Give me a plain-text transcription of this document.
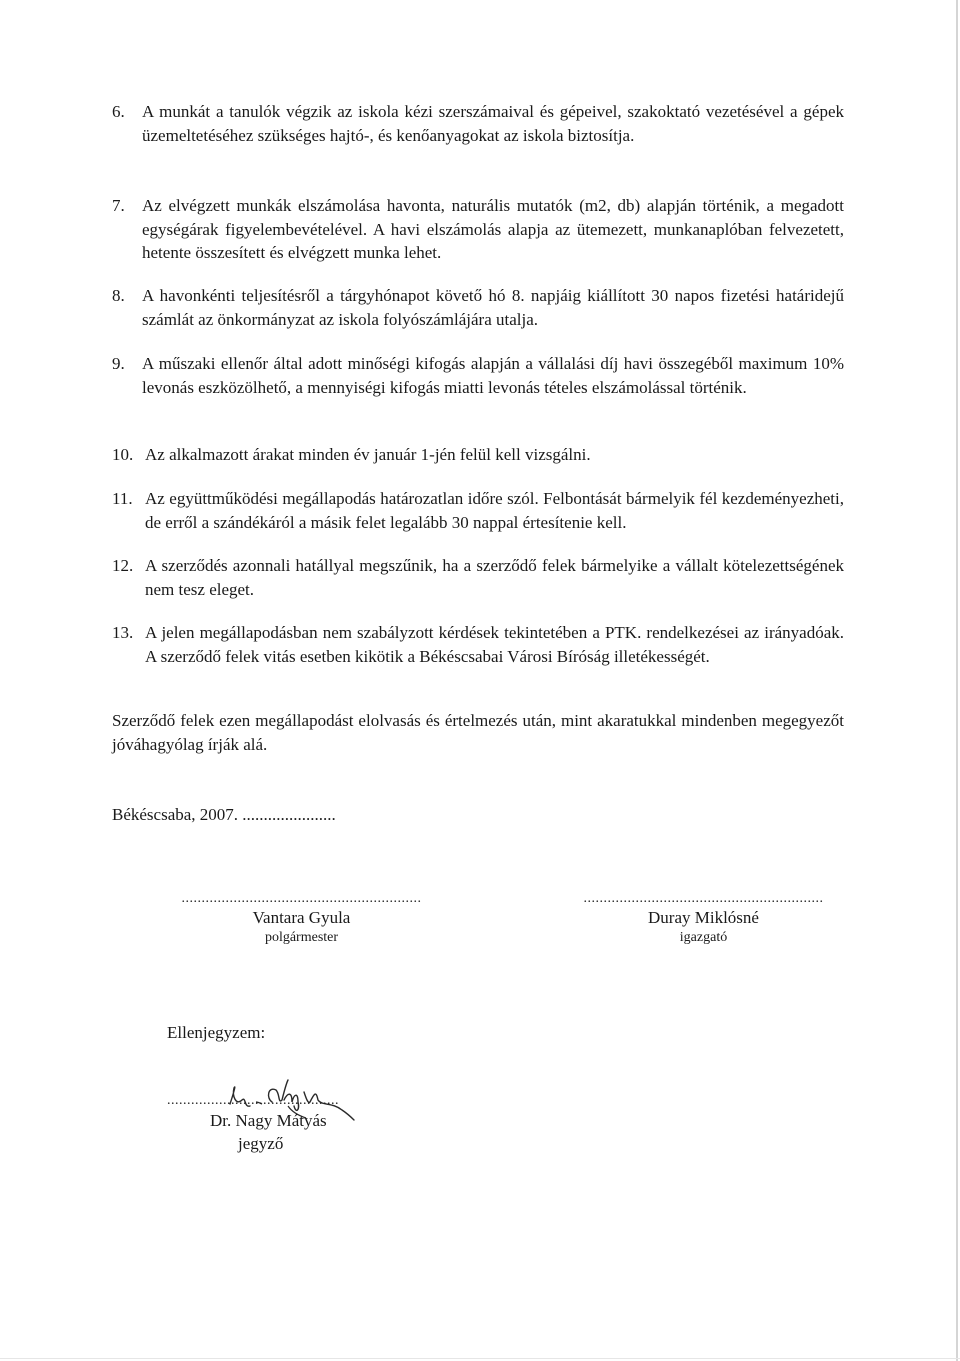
6. A munkát a tanulók végzik az iskola kézi szerszámaival és gépeivel, szakoktató vezetésével a gépek üzemeltetéséhez szükséges hajtó-, és kenőanyagokat az iskola biztosítja.
7. Az elvégzett munkák elszámolása havonta, naturális mutatók (m2, db) alapján történik, a megadott egységárak figyelembevételével. A havi elszámolás alapja az ütemezett, munkanaplóban felvezetett, hetente összesített és elvégzett munka lehet.
8. A havonkénti teljesítésről a tárgyhónapot követő hó 8. napjáig kiállított 30 napos fizetési határidejű számlát az önkormányzat az iskola folyószámlájára utalja.
9. A műszaki ellenőr által adott minőségi kifogás alapján a vállalási díj havi összegéből maximum 10% levonás eszközölhető, a mennyiségi kifogás miatti levonás tételes elszámolással történik.
10. Az alkalmazott árakat minden év január 1-jén felül kell vizsgálni.
11. Az együttműködési megállapodás határozatlan időre szól. Felbontását bármelyik fél kezdeményezheti, de erről a szándékáról a másik felet legalább 30 nappal értesítenie kell.
12. A szerződés azonnali hatállyal megszűnik, ha a szerződő felek bármelyike a vállalt kötelezettségének nem tesz eleget.
13. A jelen megállapodásban nem szabályzott kérdések tekintetében a PTK. rendelkezései az irányadóak. A szerződő felek vitás esetben kikötik a Békéscsabai Városi Bíróság illetékességét.
Szerződő felek ezen megállapodást elolvasás és értelmezés után, mint akaratukkal mindenben megegyezőt jóváhagyólag írják alá.
Békéscsaba, 2007. ......................
............................................................
Vantara Gyula
polgármester
............................................................
Duray Miklósné
igazgató
Ellenjegyzem:
...........................................
Dr. Nagy Mátyás
jegyző
